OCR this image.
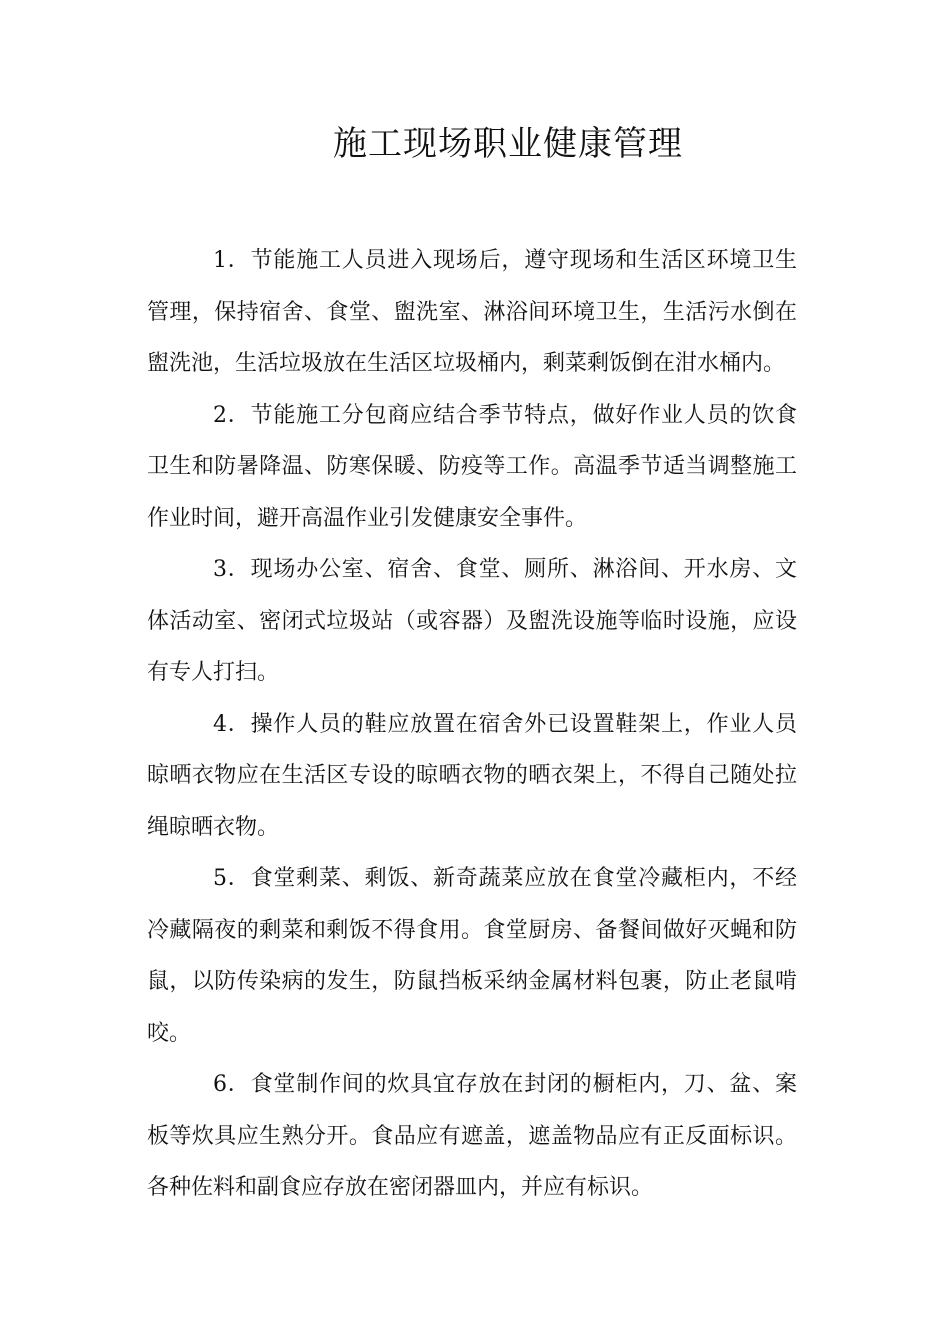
施工现场职业健康管理

1．节能施工人员进入现场后，遵守现场和生活区环境卫生管理，保持宿舍、食堂、盥洗室、淋浴间环境卫生，生活污水倒在盥洗池，生活垃圾放在生活区垃圾桶内，剩菜剩饭倒在泔水桶内。

2．节能施工分包商应结合季节特点，做好作业人员的饮食卫生和防暑降温、防寒保暖、防疫等工作。高温季节适当调整施工作业时间，避开高温作业引发健康安全事件。

3．现场办公室、宿舍、食堂、厕所、淋浴间、开水房、文体活动室、密闭式垃圾站（或容器）及盥洗设施等临时设施，应设有专人打扫。

4．操作人员的鞋应放置在宿舍外已设置鞋架上，作业人员晾晒衣物应在生活区专设的晾晒衣物的晒衣架上，不得自己随处拉绳晾晒衣物。

5．食堂剩菜、剩饭、新奇蔬菜应放在食堂冷藏柜内，不经冷藏隔夜的剩菜和剩饭不得食用。食堂厨房、备餐间做好灭蝇和防鼠，以防传染病的发生，防鼠挡板采纳金属材料包裹，防止老鼠啃咬。

6．食堂制作间的炊具宜存放在封闭的橱柜内，刀、盆、案板等炊具应生熟分开。食品应有遮盖，遮盖物品应有正反面标识。各种佐料和副食应存放在密闭器皿内，并应有标识。
